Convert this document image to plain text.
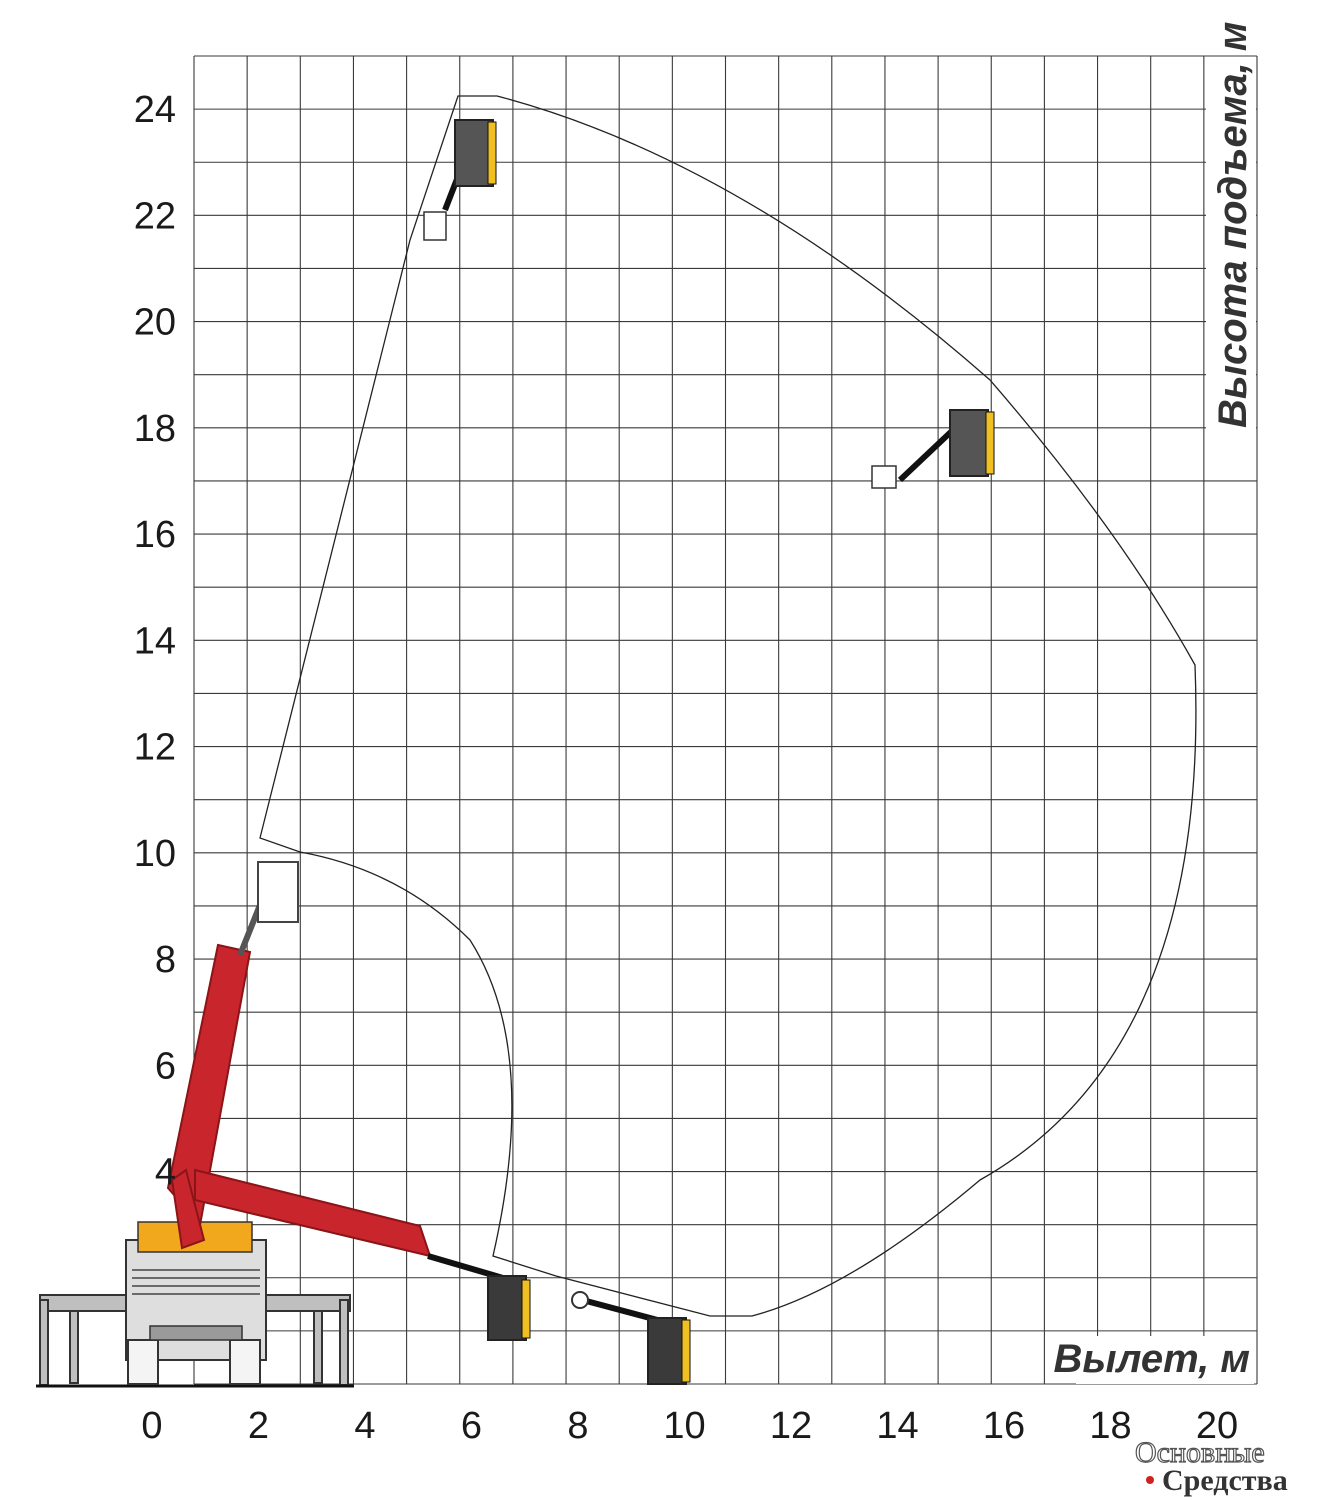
0 2 4 6 8 10 12 14 16 18 20
4
6
8
10
12
14
16
18
20
22
24
Вылет, м
Высота подъема, м
Основные
Средства
